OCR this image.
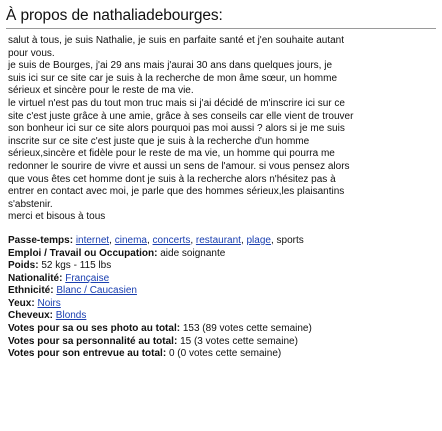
À propos de nathaliadebourges:
salut à tous, je suis Nathalie, je suis en parfaite santé et j'en souhaite autant
pour vous.
je suis de Bourges, j'ai 29 ans mais j'aurai 30 ans dans quelques jours, je
suis ici sur ce site car je suis à la recherche de mon âme sœur, un homme
sérieux et sincère pour le reste de ma vie.
le virtuel n'est pas du tout mon truc mais si j'ai décidé de m'inscrire ici sur ce
site c'est juste grâce à une amie, grâce à ses conseils car elle vient de trouver
son bonheur ici sur ce site alors pourquoi pas moi aussi ? alors si je me suis
inscrite sur ce site c'est juste que je suis à la recherche d'un homme
sérieux,sincère et fidèle pour le reste de ma vie, un homme qui pourra me
redonner le sourire de vivre et aussi un sens de l'amour. si vous pensez alors
que vous êtes cet homme dont je suis à la recherche alors n'hésitez pas à
entrer en contact avec moi, je parle que des hommes sérieux,les plaisantins
s'abstenir.
merci et bisous à tous
Passe-temps: internet, cinema, concerts, restaurant, plage, sports
Emploi / Travail ou Occupation: aide soignante
Poids: 52 kgs - 115 lbs
Nationalité: Française
Ethnicité: Blanc / Caucasien
Yeux: Noirs
Cheveux: Blonds
Votes pour sa ou ses photo au total: 153 (89 votes cette semaine)
Votes pour sa personnalité au total: 15 (3 votes cette semaine)
Votes pour son entrevue au total: 0 (0 votes cette semaine)
